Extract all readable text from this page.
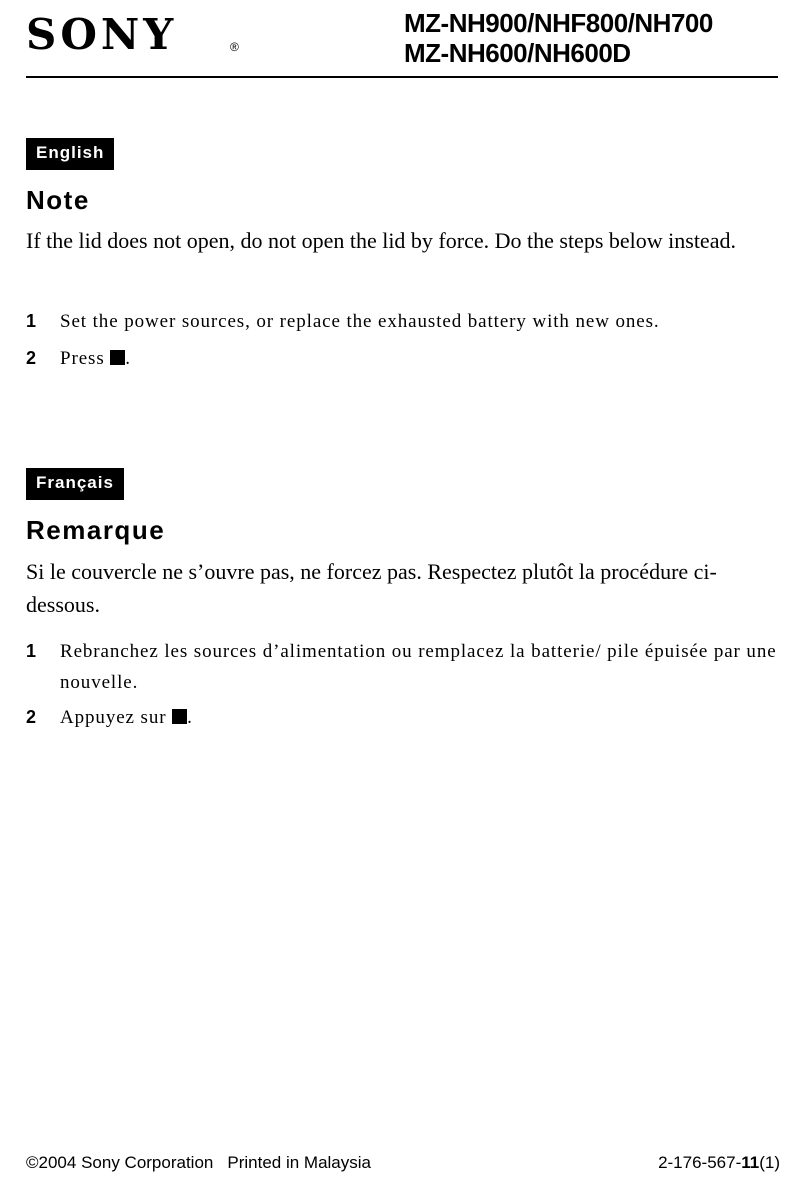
SONY	®
MZ-NH900/NHF800/NH700
MZ-NH600/NH600D
English
Note
If the lid does not open, do not open the lid by force. Do the steps below instead.
1 Set the power sources, or replace the exhausted battery with new ones.
2 Press .
Français
Remarque
Si le couvercle ne s’ouvre pas, ne forcez pas. Respectez plutôt la procédure ci-dessous.
1 Rebranchez les sources d’alimentation ou remplacez la batterie/ pile épuisée par une nouvelle.
2 Appuyez sur .
©2004 Sony Corporation Printed in Malaysia	2-176-567-11(1)
